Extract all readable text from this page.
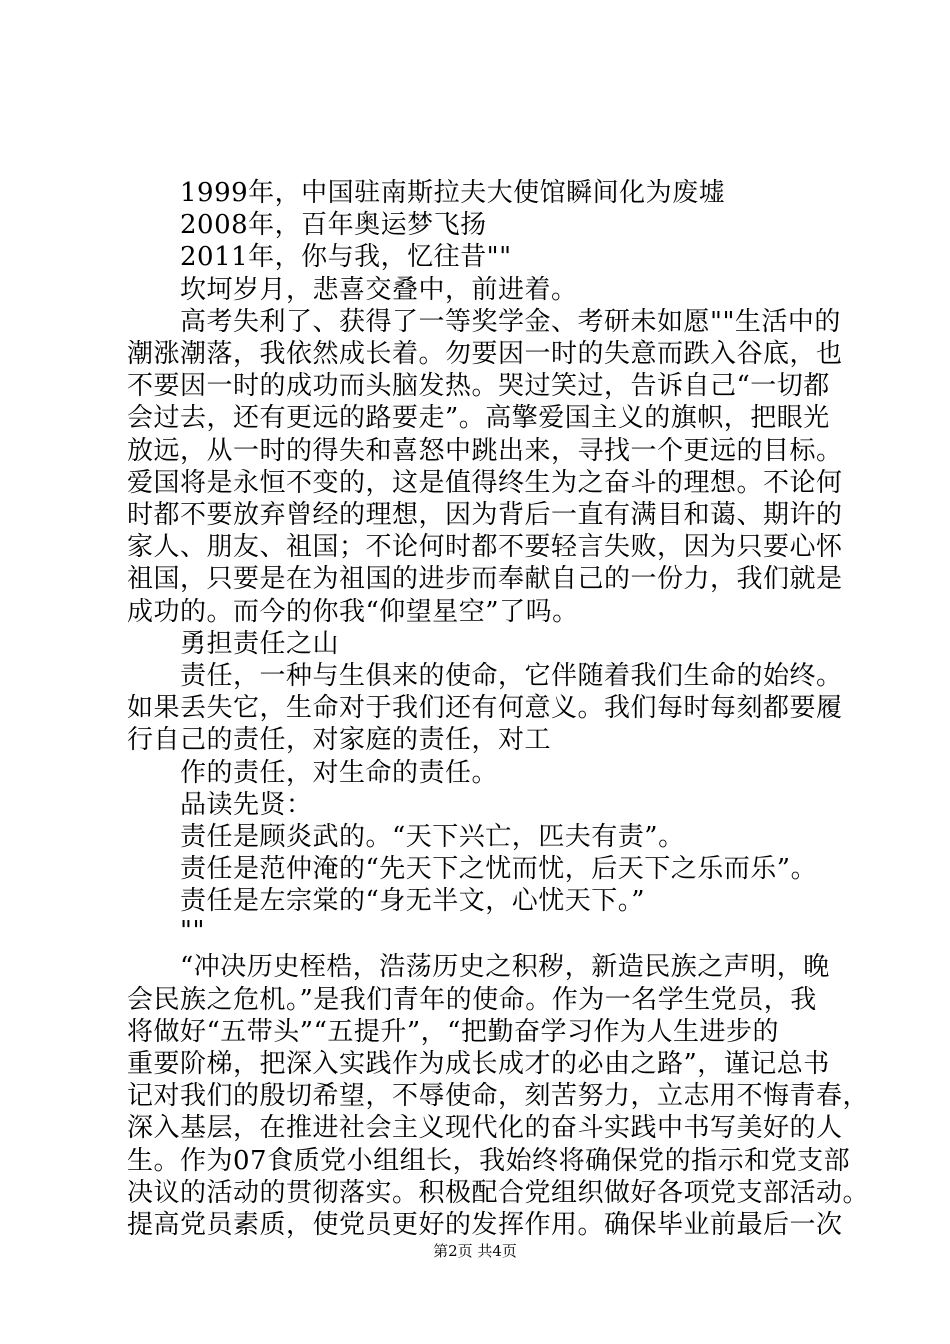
1999年，中国驻南斯拉夫大使馆瞬间化为废墟
2008年，百年奥运梦飞扬
2011年，你与我，忆往昔""
坎坷岁月，悲喜交叠中，前进着。
高考失利了、获得了一等奖学金、考研未如愿""生活中的
潮涨潮落，我依然成长着。勿要因一时的失意而跌入谷底，也
不要因一时的成功而头脑发热。哭过笑过，告诉自己“一切都
会过去，还有更远的路要走”。高擎爱国主义的旗帜，把眼光
放远，从一时的得失和喜怒中跳出来，寻找一个更远的目标。
爱国将是永恒不变的，这是值得终生为之奋斗的理想。不论何
时都不要放弃曾经的理想，因为背后一直有满目和蔼、期许的
家人、朋友、祖国；不论何时都不要轻言失败，因为只要心怀
祖国，只要是在为祖国的进步而奉献自己的一份力，我们就是
成功的。而今的你我“仰望星空”了吗。
勇担责任之山
责任，一种与生俱来的使命，它伴随着我们生命的始终。
如果丢失它，生命对于我们还有何意义。我们每时每刻都要履
行自己的责任，对家庭的责任，对工
作的责任，对生命的责任。
品读先贤：
责任是顾炎武的。“天下兴亡，匹夫有责”。
责任是范仲淹的“先天下之忧而忧，后天下之乐而乐”。
责任是左宗棠的“身无半文，心忧天下。”
""
“冲决历史桎梏，浩荡历史之积秽，新造民族之声明，晚
会民族之危机。”是我们青年的使命。作为一名学生党员，我
将做好“五带头”“五提升”，“把勤奋学习作为人生进步的
重要阶梯，把深入实践作为成长成才的必由之路”，谨记总书
记对我们的殷切希望，不辱使命，刻苦努力，立志用不悔青春，
深入基层，在推进社会主义现代化的奋斗实践中书写美好的人
生。作为07食质党小组组长，我始终将确保党的指示和党支部
决议的活动的贯彻落实。积极配合党组织做好各项党支部活动。
第2页 共4页
提高党员素质，使党员更好的发挥作用。确保毕业前最后一次
